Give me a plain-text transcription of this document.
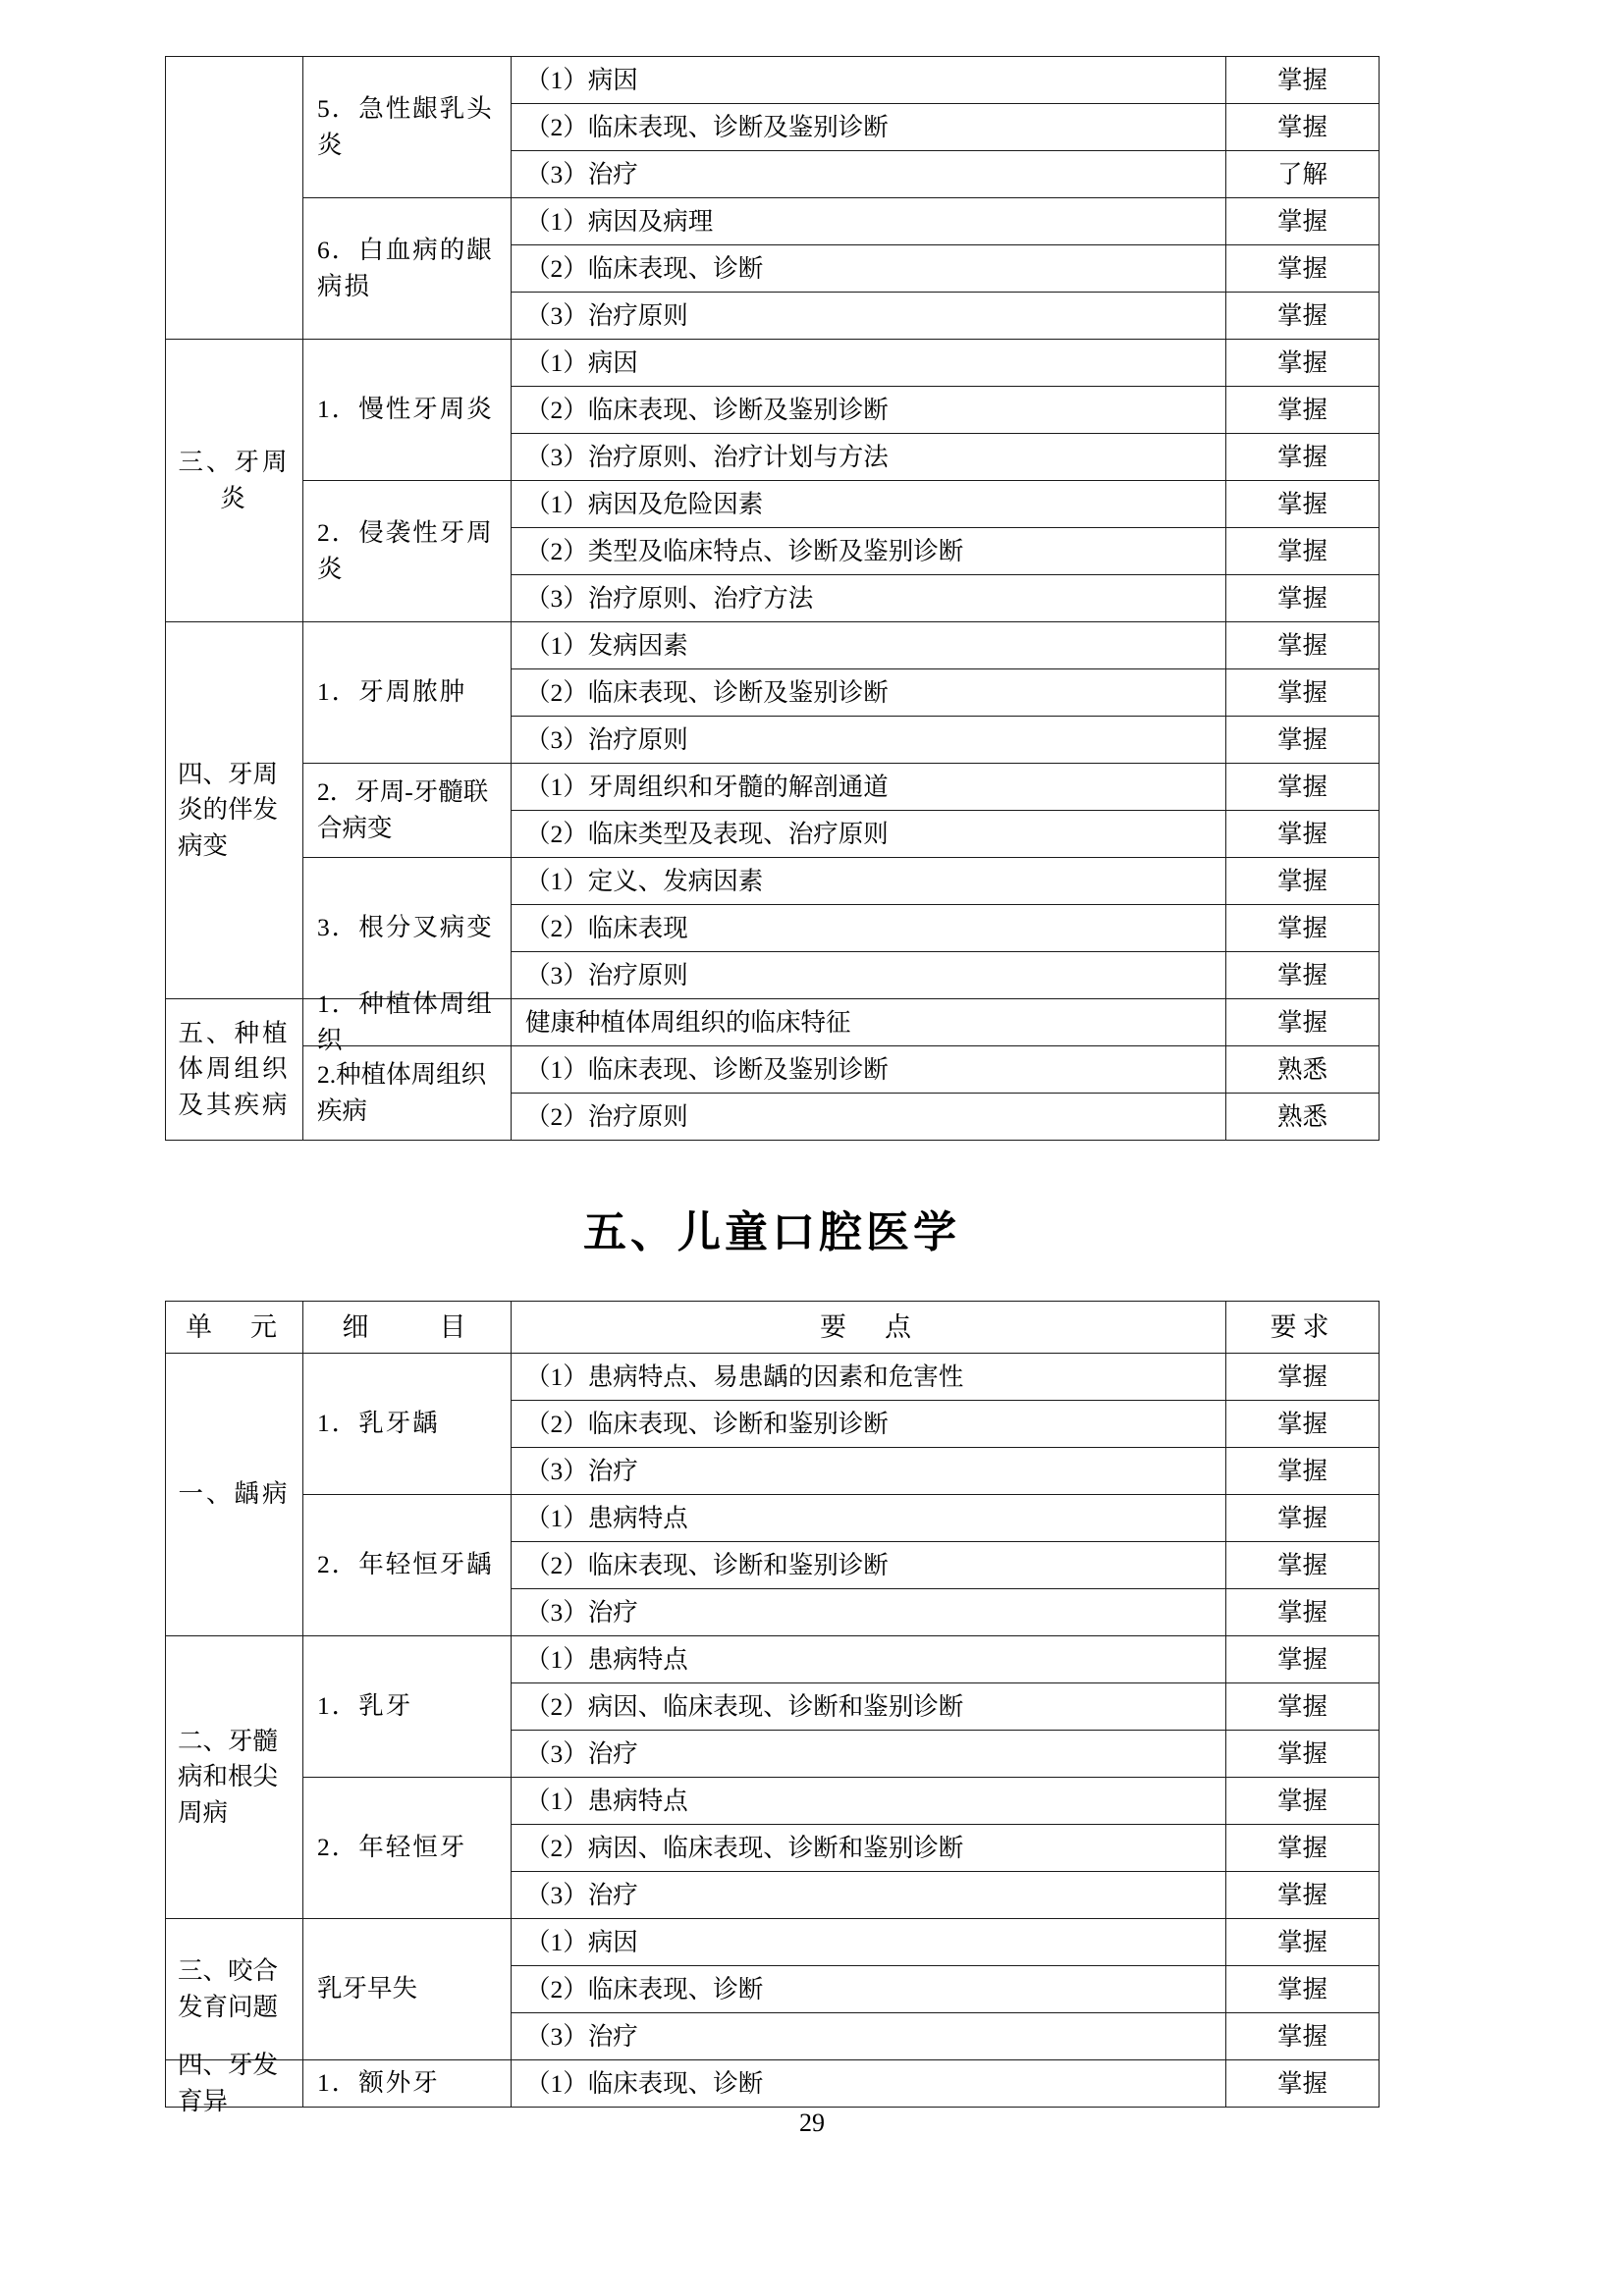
	5．急性龈乳头炎	（1）病因	掌握

（2）临床表现、诊断及鉴别诊断	掌握

（3）治疗	了解

	6．白血病的龈病损	（1）病因及病理	掌握

（2）临床表现、诊断	掌握

（3）治疗原则	掌握

三、牙周炎	1．慢性牙周炎	（1）病因	掌握

（2）临床表现、诊断及鉴别诊断	掌握

（3）治疗原则、治疗计划与方法	掌握

	2．侵袭性牙周炎	（1）病因及危险因素	掌握

（2）类型及临床特点、诊断及鉴别诊断	掌握

（3）治疗原则、治疗方法	掌握

四、牙周炎的伴发病变	1．牙周脓肿	（1）发病因素	掌握

（2）临床表现、诊断及鉴别诊断	掌握

（3）治疗原则	掌握

	2．牙周-牙髓联合病变	（1）牙周组织和牙髓的解剖通道	掌握

（2）临床类型及表现、治疗原则	掌握

	3．根分叉病变	（1）定义、发病因素	掌握

（2）临床表现	掌握

（3）治疗原则	掌握

五、种植体周组织及其疾病	1．种植体周组织	健康种植体周组织的临床特征	掌握

	2.种植体周组织疾病	（1）临床表现、诊断及鉴别诊断	熟悉

（2）治疗原则	熟悉
五、儿童口腔医学
单　元	细　　目	要　点	要求

一、龋病	1．乳牙龋	（1）患病特点、易患龋的因素和危害性	掌握

（2）临床表现、诊断和鉴别诊断	掌握

（3）治疗	掌握

	2．年轻恒牙龋	（1）患病特点	掌握

（2）临床表现、诊断和鉴别诊断	掌握

（3）治疗	掌握

二、牙髓病和根尖周病	1．乳牙	（1）患病特点	掌握

（2）病因、临床表现、诊断和鉴别诊断	掌握

（3）治疗	掌握

	2．年轻恒牙	（1）患病特点	掌握

（2）病因、临床表现、诊断和鉴别诊断	掌握

（3）治疗	掌握

三、咬合发育问题	乳牙早失	（1）病因	掌握

（2）临床表现、诊断	掌握

（3）治疗	掌握

四、牙发育异	1．额外牙	（1）临床表现、诊断	掌握
29
